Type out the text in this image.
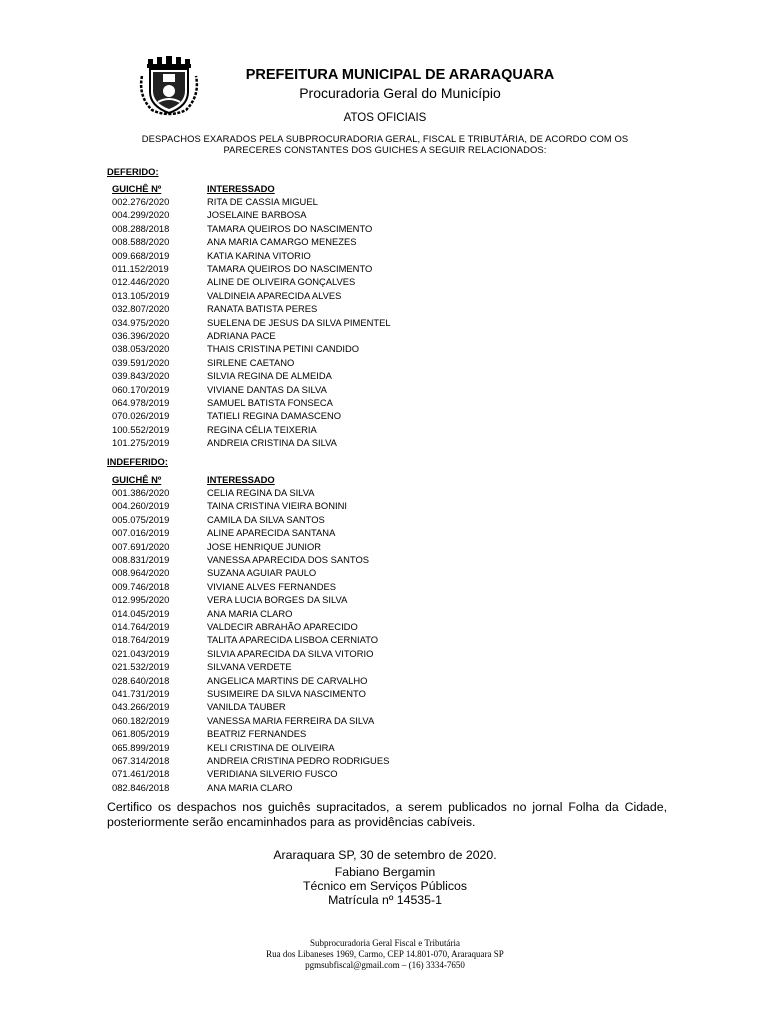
PREFEITURA MUNICIPAL DE ARARAQUARA
Procuradoria Geral do Município
ATOS OFICIAIS
DESPACHOS EXARADOS PELA SUBPROCURADORIA GERAL, FISCAL E TRIBUTÁRIA, DE ACORDO COM OS
PARECERES CONSTANTES DOS GUICHES A SEGUIR RELACIONADOS:
DEFERIDO:
GUICHÊ Nº	INTERESSADO
002.276/2020	RITA DE CASSIA MIGUEL
004.299/2020	JOSELAINE BARBOSA
008.288/2018	TAMARA QUEIROS DO NASCIMENTO
008.588/2020	ANA MARIA CAMARGO MENEZES
009.668/2019	KATIA KARINA VITORIO
011.152/2019	TAMARA QUEIROS DO NASCIMENTO
012.446/2020	ALINE DE OLIVEIRA GONÇALVES
013.105/2019	VALDINEIA APARECIDA ALVES
032.807/2020	RANATA BATISTA PERES
034.975/2020	SUELENA DE JESUS DA SILVA PIMENTEL
036.396/2020	ADRIANA PACE
038.053/2020	THAIS CRISTINA PETINI CANDIDO
039.591/2020	SIRLENE CAETANO
039.843/2020	SILVIA REGINA DE ALMEIDA
060.170/2019	VIVIANE DANTAS DA SILVA
064.978/2019	SAMUEL BATISTA FONSECA
070.026/2019	TATIELI REGINA DAMASCENO
100.552/2019	REGINA CÉLIA TEIXERIA
101.275/2019	ANDREIA CRISTINA DA SILVA
INDEFERIDO:
GUICHÊ Nº	INTERESSADO
001.386/2020	CELIA REGINA DA SILVA
004.260/2019	TAINA CRISTINA VIEIRA BONINI
005.075/2019	CAMILA DA SILVA SANTOS
007.016/2019	ALINE APARECIDA SANTANA
007.691/2020	JOSE HENRIQUE JUNIOR
008.831/2019	VANESSA APARECIDA DOS SANTOS
008.964/2020	SUZANA AGUIAR PAULO
009.746/2018	VIVIANE ALVES FERNANDES
012.995/2020	VERA LUCIA BORGES DA SILVA
014.045/2019	ANA MARIA CLARO
014.764/2019	VALDECIR ABRAHÃO APARECIDO
018.764/2019	TALITA APARECIDA LISBOA CERNIATO
021.043/2019	SILVIA APARECIDA DA SILVA VITORIO
021.532/2019	SILVANA VERDETE
028.640/2018	ANGELICA MARTINS DE CARVALHO
041.731/2019	SUSIMEIRE DA SILVA NASCIMENTO
043.266/2019	VANILDA TAUBER
060.182/2019	VANESSA MARIA FERREIRA DA SILVA
061.805/2019	BEATRIZ FERNANDES
065.899/2019	KELI CRISTINA DE OLIVEIRA
067.314/2018	ANDREIA CRISTINA PEDRO RODRIGUES
071.461/2018	VERIDIANA SILVERIO FUSCO
082.846/2018	ANA MARIA CLARO
Certifico os despachos nos guichês supracitados, a serem publicados no jornal Folha da Cidade, posteriormente serão encaminhados para as providências cabíveis.
Araraquara SP, 30 de setembro de 2020.
Fabiano Bergamin
Técnico em Serviços Públicos
Matrícula nº 14535-1
Subprocuradoria Geral Fiscal e Tributária
Rua dos Libaneses 1969, Carmo, CEP 14.801-070, Araraquara SP
pgmsubfiscal@gmail.com – (16) 3334-7650
